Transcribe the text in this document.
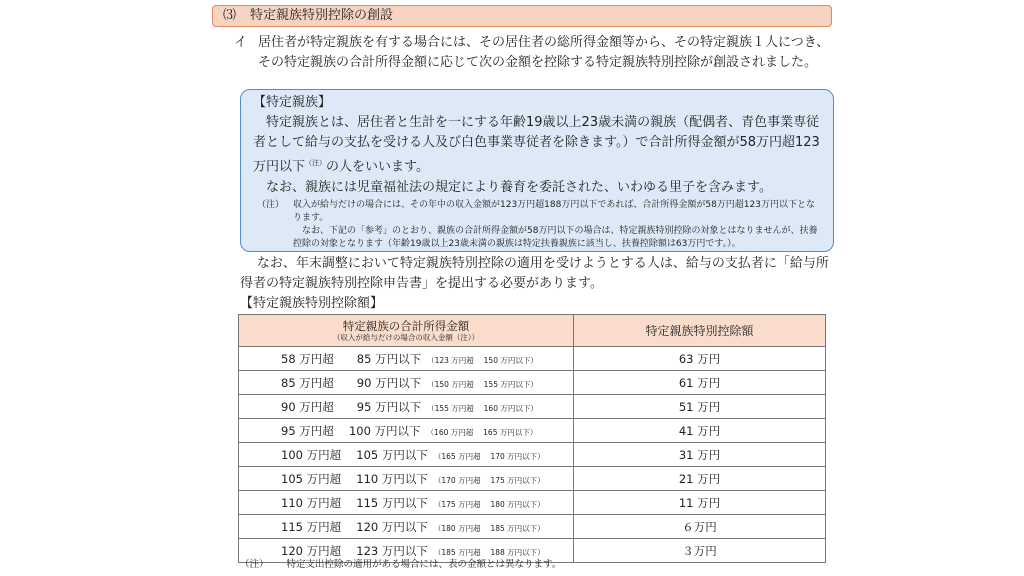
⑶ 特定親族特別控除の創設
イ 居住者が特定親族を有する場合には、その居住者の総所得金額等から、その特定親族１人につき、その特定親族の合計所得金額に応じて次の金額を控除する特定親族特別控除が創設されました。
【特定親族】

特定親族とは、居住者と生計を一にする年齢19歳以上23歳未満の親族（配偶者、青色事業専従者として給与の支払を受ける人及び白色事業専従者を除きます。）で合計所得金額が58万円超123万円以下$^{(注)}$の人をいいます。

なお、親族には児童福祉法の規定により養育を委託された、いわゆる里子を含みます。

（注） 収入が給与だけの場合には、その年中の収入金額が123万円超188万円以下であれば、合計所得金額が58万円超123万円以下となります。
なお、下記の「参考」のとおり、親族の合計所得金額が58万円以下の場合は、特定親族特別控除の対象とはなりませんが、扶養控除の対象となります（年齢19歳以上23歳未満の親族は特定扶養親族に該当し、扶養控除額は63万円です。）。
なお、年末調整において特定親族特別控除の適用を受けようとする人は、給与の支払者に「給与所得者の特定親族特別控除申告書」を提出する必要があります。
【特定親族特別控除額】
特定親族の合計所得金額
（収入が給与だけの場合の収入金額（注））	特定親族特別控除額
58 万円超　　85 万円以下 （123 万円超　 150 万円以下）	63 万円
85 万円超　　90 万円以下 （150 万円超　 155 万円以下）	61 万円
90 万円超　　95 万円以下 （155 万円超　 160 万円以下）	51 万円
95 万円超　 100 万円以下 （160 万円超　 165 万円以下）	41 万円
100 万円超　 105 万円以下 （165 万円超　 170 万円以下）	31 万円
105 万円超　 110 万円以下 （170 万円超　 175 万円以下）	21 万円
110 万円超　 115 万円以下 （175 万円超　 180 万円以下）	11 万円
115 万円超　 120 万円以下 （180 万円超　 185 万円以下）	６万円
120 万円超　 123 万円以下 （185 万円超　 188 万円以下）	３万円
（注） 特定支出控除の適用がある場合には、表の金額とは異なります。
